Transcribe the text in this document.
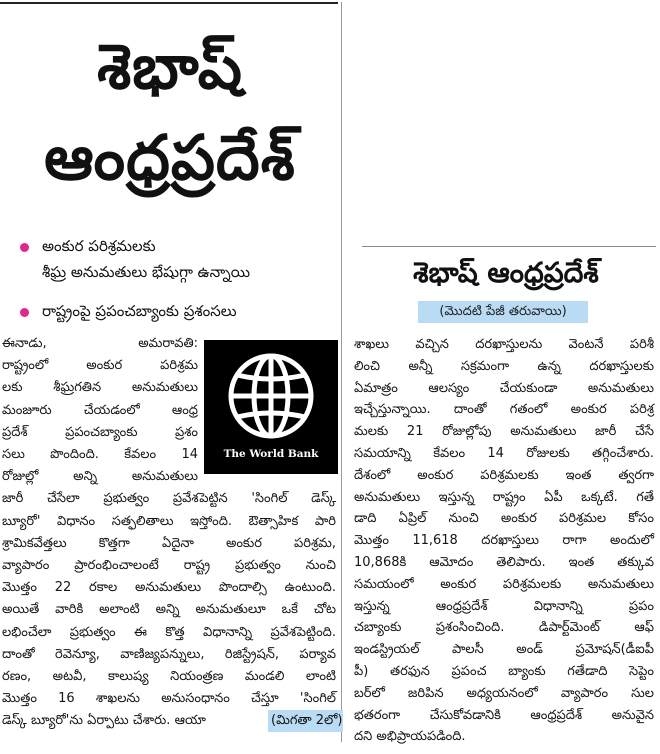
శెభాష్
ఆంధ్రప్రదేశ్
అంకుర పరిశ్రమలకు
శీఘ్ర అనుమతులు భేషుగ్గా ఉన్నాయి
రాష్ట్రంపై ప్రపంచబ్యాంకు ప్రశంసలు
ఈనాడు, అమరావతి:
రాష్ట్రంలో అంకుర పరిశ్రమ
లకు శీఘ్రగతిన అనుమతులు
మంజూరు చేయడంలో ఆంధ్ర
ప్రదేశ్ ప్రపంచబ్యాంకు ప్రశం
సలు పొందింది. కేవలం 14
రోజుల్లో అన్ని అనుమతులు
జారీ చేసేలా ప్రభుత్వం ప్రవేశపెట్టిన 'సింగిల్ డెస్క్
బ్యూరో' విధానం సత్ఫలితాలు ఇస్తోంది. ఔత్సాహిక పారి
శ్రామికవేత్తలు కొత్తగా ఏదైనా అంకుర పరిశ్రమ,
వ్యాపారం ప్రారంభించాలంటే రాష్ట్ర ప్రభుత్వం నుంచి
మొత్తం 22 రకాల అనుమతులు పొందాల్సి ఉంటుంది.
అయితే వారికి అలాంటి అన్ని అనుమతులూ ఒకే చోట
లభించేలా ప్రభుత్వం ఈ కొత్త విధానాన్ని ప్రవేశపెట్టింది.
దాంతో రెవెన్యూ, వాణిజ్యపన్నులు, రిజిస్ట్రేషన్, పర్యావ
రణం, అటవీ, కాలుష్య నియంత్రణ మండలి లాంటి
మొత్తం 16 శాఖలను అనుసంధానం చేస్తూ 'సింగిల్
డెస్క్ బ్యూరో'ను ఏర్పాటు చేశారు. ఆయా	(మిగతా 2లో)
The World Bank
శెభాష్ ఆంధ్రప్రదేశ్
(మొదటి పేజీ తరువాయి)
శాఖలు వచ్చిన దరఖాస్తులను వెంటనే పరిశీ
లించి అన్నీ సక్రమంగా ఉన్న దరఖాస్తులకు
ఏమాత్రం ఆలస్యం చేయకుండా అనుమతులు
ఇచ్చేస్తున్నాయి. దాంతో గతంలో అంకుర పరిశ్ర
మలకు 21 రోజుల్లోపు అనుమతులు జారీ చేసే
సమయాన్ని కేవలం 14 రోజులకు తగ్గించేశారు.
దేశంలో అంకుర పరిశ్రమలకు ఇంత త్వరగా
అనుమతులు ఇస్తున్న రాష్ట్రం ఏపీ ఒక్కటే. గతే
డాది ఏప్రిల్ నుంచి అంకుర పరిశ్రమల కోసం
మొత్తం 11,618 దరఖాస్తులు రాగా అందులో
10,868కి ఆమోదం తెలిపారు. ఇంత తక్కువ
సమయంలో అంకుర పరిశ్రమలకు అనుమతులు
ఇస్తున్న ఆంధ్రప్రదేశ్ విధానాన్ని ప్రపం
చబ్యాంకు ప్రశంసించింది. డిపార్ట్‌మెంట్ ఆఫ్
ఇండస్ట్రియల్ పాలసీ అండ్ ప్రమోషన్(డీఐపీ
పీ) తరఫున ప్రపంచ బ్యాంకు గతేడాది సెప్టెం
బర్‌లో జరిపిన అధ్యయనంలో వ్యాపారం సుల
భతరంగా చేసుకోవడానికి ఆంధ్రప్రదేశ్ అనువైన
దని అభిప్రాయపడింది.
